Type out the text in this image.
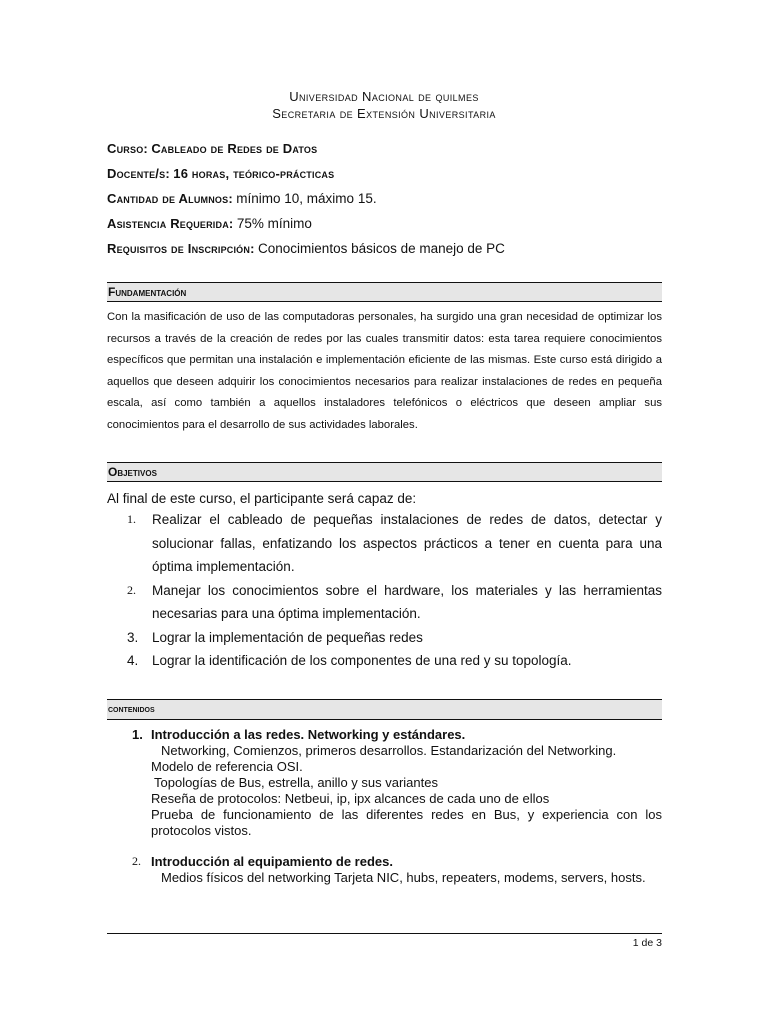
Universidad Nacional de quilmes
Secretaria de Extensión Universitaria
Curso: Cableado de Redes de Datos
Docente/s: 16 horas, teórico-prácticas
Cantidad de Alumnos: mínimo 10, máximo 15.
Asistencia Requerida: 75% mínimo
Requisitos de Inscripción: Conocimientos básicos de manejo de PC
Fundamentación
Con la masificación de uso de las computadoras personales, ha surgido una gran necesidad de optimizar los recursos a través de la creación de redes por las cuales transmitir datos: esta tarea requiere conocimientos específicos que permitan una instalación e implementación eficiente de las mismas. Este curso está dirigido a aquellos que deseen adquirir los conocimientos necesarios para realizar instalaciones de redes en pequeña escala, así como también a aquellos instaladores telefónicos o eléctricos que deseen ampliar sus conocimientos para el desarrollo de sus actividades laborales.
Objetivos
Al final de este curso, el participante será capaz de:
1.	Realizar el cableado de pequeñas instalaciones de redes de datos, detectar y solucionar fallas, enfatizando los aspectos prácticos a tener en cuenta para una óptima implementación.
2.	Manejar los conocimientos sobre el hardware, los materiales y las herramientas necesarias para una óptima implementación.
3.	Lograr la implementación de pequeñas redes
4.	Lograr la identificación de los componentes de una red y su topología.
contenidos
1. Introducción a las redes. Networking y estándares.
Networking, Comienzos, primeros desarrollos. Estandarización del Networking.
Modelo de referencia OSI.
Topologías de Bus, estrella, anillo y sus variantes
Reseña de protocolos: Netbeui, ip, ipx alcances de cada uno de ellos
Prueba de funcionamiento de las diferentes redes en Bus, y experiencia con los protocolos vistos.
2. Introducción al equipamiento de redes.
Medios físicos del networking Tarjeta NIC, hubs, repeaters, modems, servers, hosts.
1 de 3
